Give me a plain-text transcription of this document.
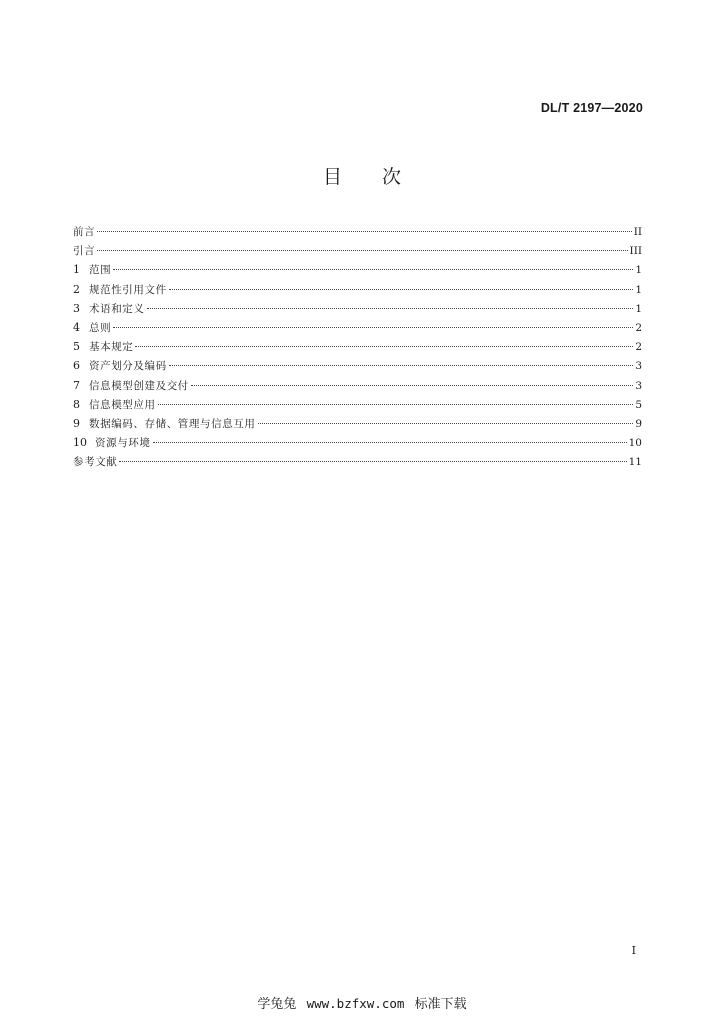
DL/T 2197—2020
目 次
前言	II
引言	III
1 范围	1
2 规范性引用文件	1
3 术语和定义	1
4 总则	2
5 基本规定	2
6 资产划分及编码	3
7 信息模型创建及交付	3
8 信息模型应用	5
9 数据编码、存储、管理与信息互用	9
10 资源与环境	10
参考文献	11
I
学兔兔 www.bzfxw.com 标准下载
